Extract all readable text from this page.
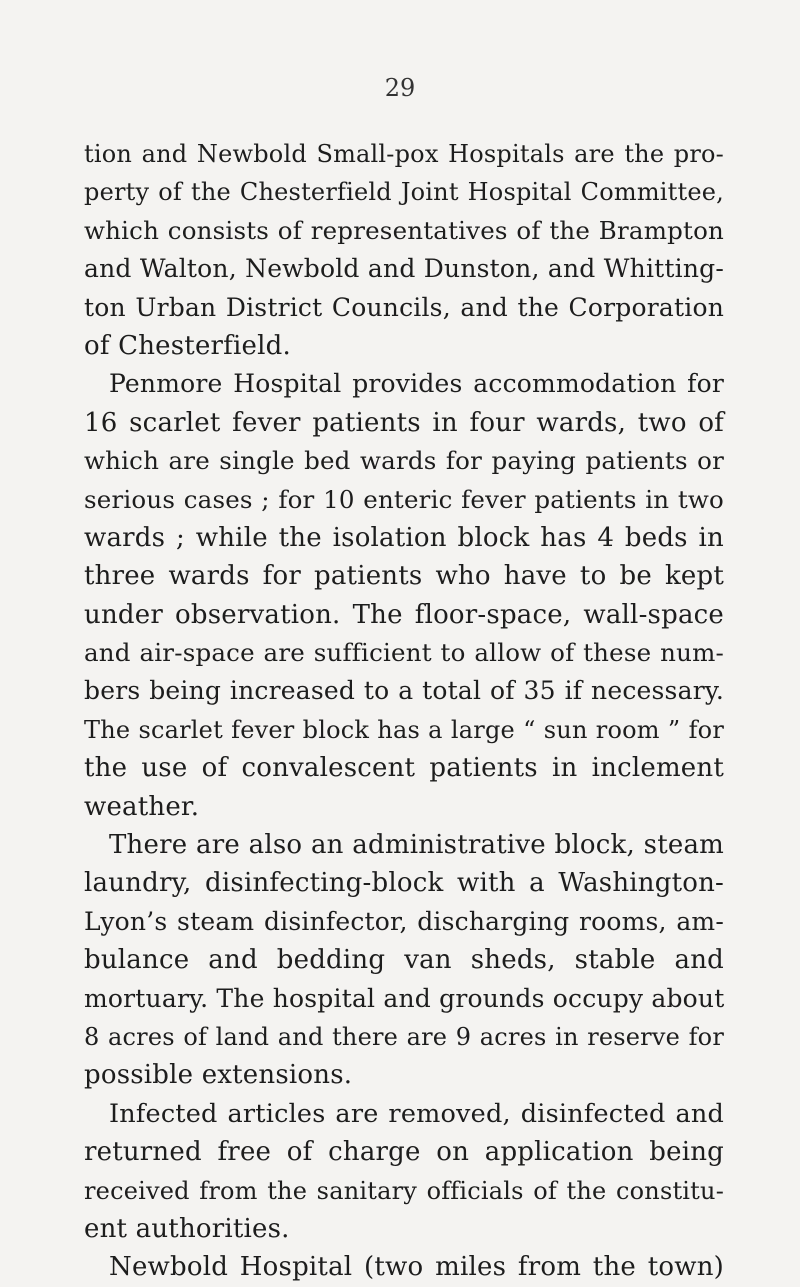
29
tion and Newbold Small-pox Hospitals are the pro-
perty of the Chesterfield Joint Hospital Committee,
which consists of representatives of the Brampton
and Walton, Newbold and Dunston, and Whitting-
ton Urban District Councils, and the Corporation
of Chesterfield.
Penmore Hospital provides accommodation for
16 scarlet fever patients in four wards, two of
which are single bed wards for paying patients or
serious cases ; for 10 enteric fever patients in two
wards ; while the isolation block has 4 beds in
three wards for patients who have to be kept
under observation. The floor-space, wall-space
and air-space are sufficient to allow of these num-
bers being increased to a total of 35 if necessary.
The scarlet fever block has a large “ sun room ” for
the use of convalescent patients in inclement
weather.
There are also an administrative block, steam
laundry, disinfecting-block with a Washington-
Lyon’s steam disinfector, discharging rooms, am-
bulance and bedding van sheds, stable and
mortuary. The hospital and grounds occupy about
8 acres of land and there are 9 acres in reserve for
possible extensions.
Infected articles are removed, disinfected and
returned free of charge on application being
received from the sanitary officials of the constitu-
ent authorities.
Newbold Hospital (two miles from the town)
